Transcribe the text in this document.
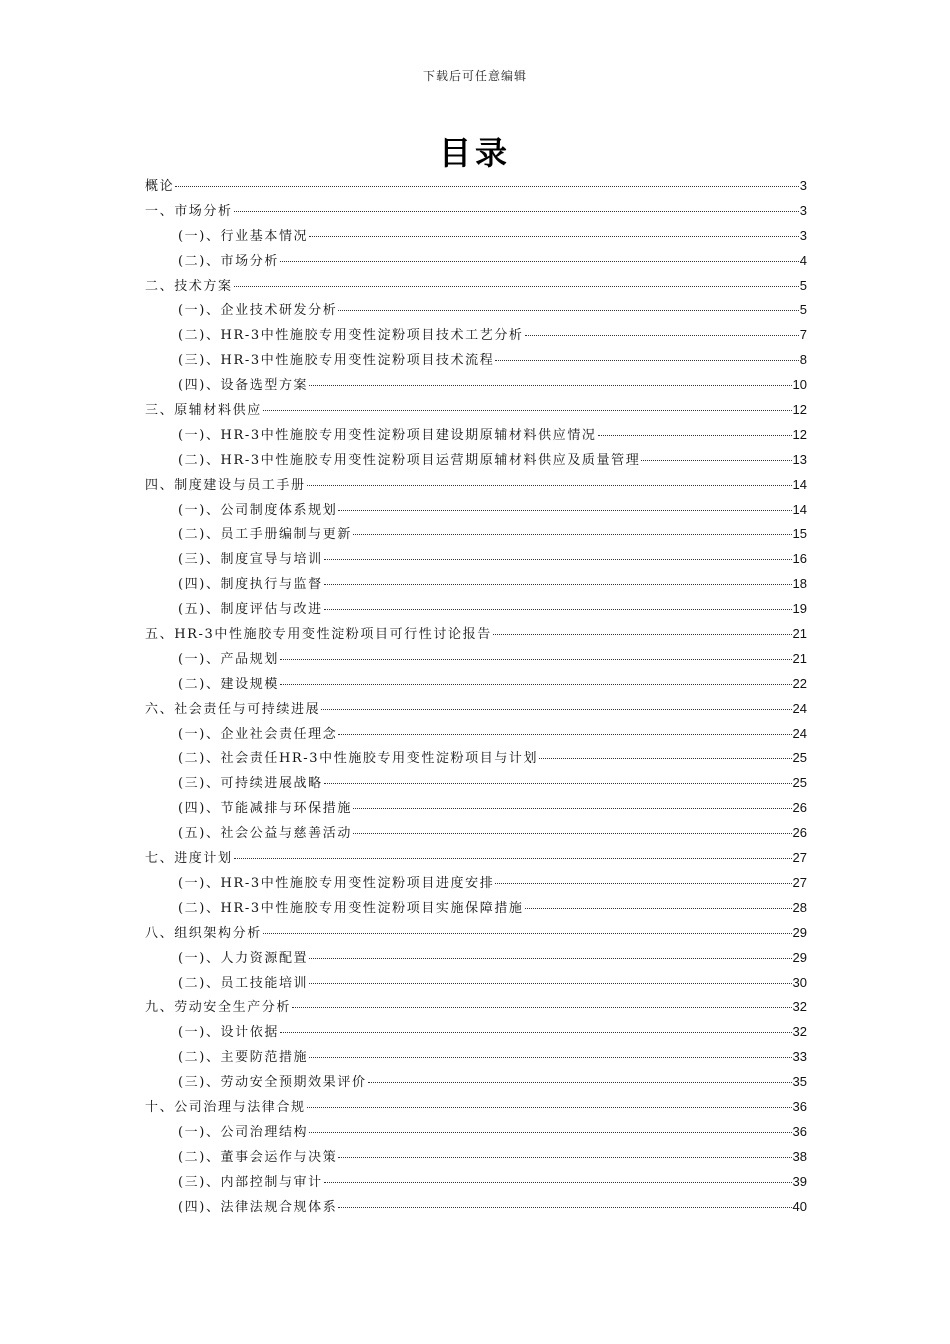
下载后可任意编辑
目录
概论	3
一、市场分析	3
(一)、行业基本情况	3
(二)、市场分析	4
二、技术方案	5
(一)、企业技术研发分析	5
(二)、HR-3中性施胶专用变性淀粉项目技术工艺分析	7
(三)、HR-3中性施胶专用变性淀粉项目技术流程	8
(四)、设备选型方案	10
三、原辅材料供应	12
(一)、HR-3中性施胶专用变性淀粉项目建设期原辅材料供应情况	12
(二)、HR-3中性施胶专用变性淀粉项目运营期原辅材料供应及质量管理	13
四、制度建设与员工手册	14
(一)、公司制度体系规划	14
(二)、员工手册编制与更新	15
(三)、制度宣导与培训	16
(四)、制度执行与监督	18
(五)、制度评估与改进	19
五、HR-3中性施胶专用变性淀粉项目可行性讨论报告	21
(一)、产品规划	21
(二)、建设规模	22
六、社会责任与可持续进展	24
(一)、企业社会责任理念	24
(二)、社会责任HR-3中性施胶专用变性淀粉项目与计划	25
(三)、可持续进展战略	25
(四)、节能减排与环保措施	26
(五)、社会公益与慈善活动	26
七、进度计划	27
(一)、HR-3中性施胶专用变性淀粉项目进度安排	27
(二)、HR-3中性施胶专用变性淀粉项目实施保障措施	28
八、组织架构分析	29
(一)、人力资源配置	29
(二)、员工技能培训	30
九、劳动安全生产分析	32
(一)、设计依据	32
(二)、主要防范措施	33
(三)、劳动安全预期效果评价	35
十、公司治理与法律合规	36
(一)、公司治理结构	36
(二)、董事会运作与决策	38
(三)、内部控制与审计	39
(四)、法律法规合规体系	40
